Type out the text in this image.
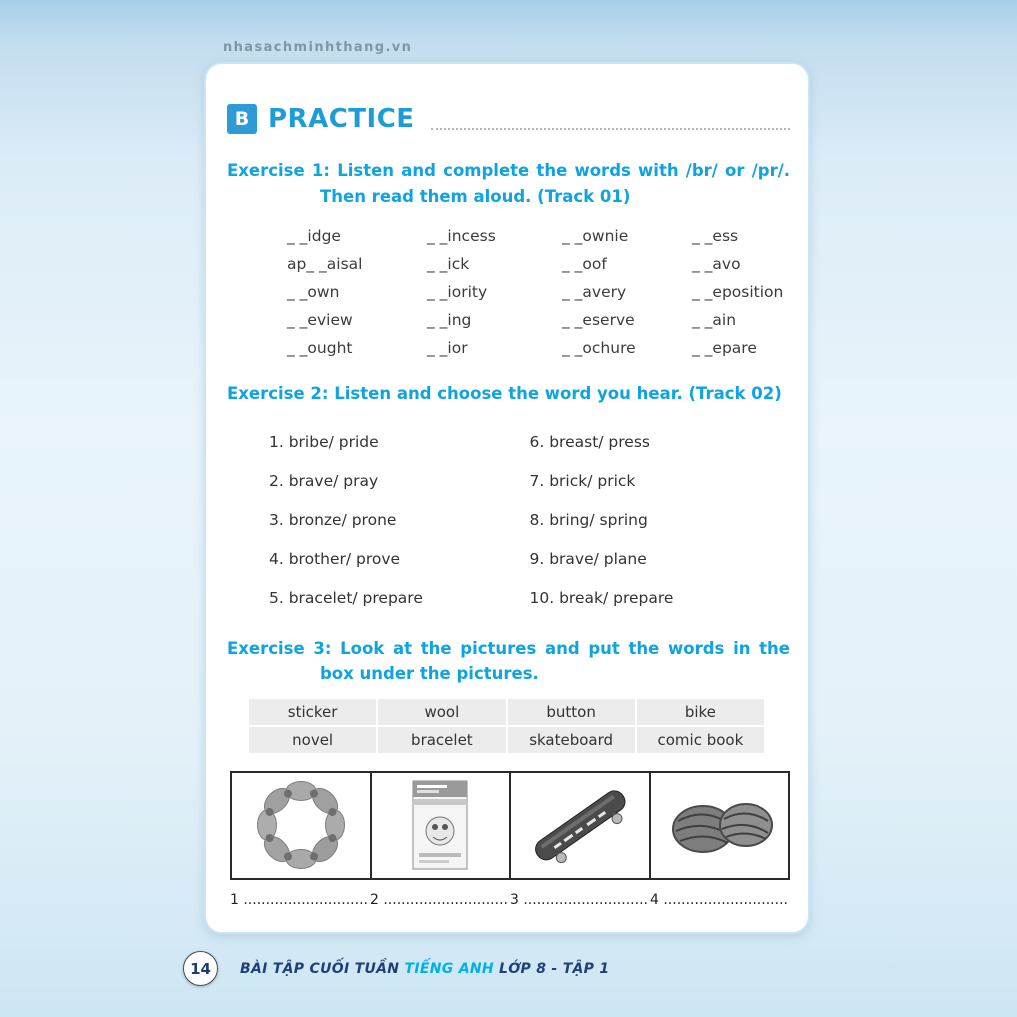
nhasachminhthang.vn
B PRACTICE

Exercise 1: Listen and complete the words with /br/ or /pr/. Then read them aloud. (Track 01)

_ _idge	_ _incess	_ _ownie	_ _ess
ap_ _aisal	_ _ick	_ _oof	_ _avo
_ _own	_ _iority	_ _avery	_ _eposition
_ _eview	_ _ing	_ _eserve	_ _ain
_ _ought	_ _ior	_ _ochure	_ _epare

Exercise 2: Listen and choose the word you hear. (Track 02)

1. bribe/ pride
2. brave/ pray
3. bronze/ prone
4. brother/ prove
5. bracelet/ prepare
6. breast/ press
7. brick/ prick
8. bring/ spring
9. brave/ plane
10. break/ prepare

Exercise 3: Look at the pictures and put the words in the box under the pictures.

sticker	wool	button	bike
novel	bracelet	skateboard	comic book
1 ............................ 2 ............................ 3 ............................ 4 ............................
14	BÀI TẬP CUỐI TUẦN TIẾNG ANH LỚP 8 - TẬP 1
